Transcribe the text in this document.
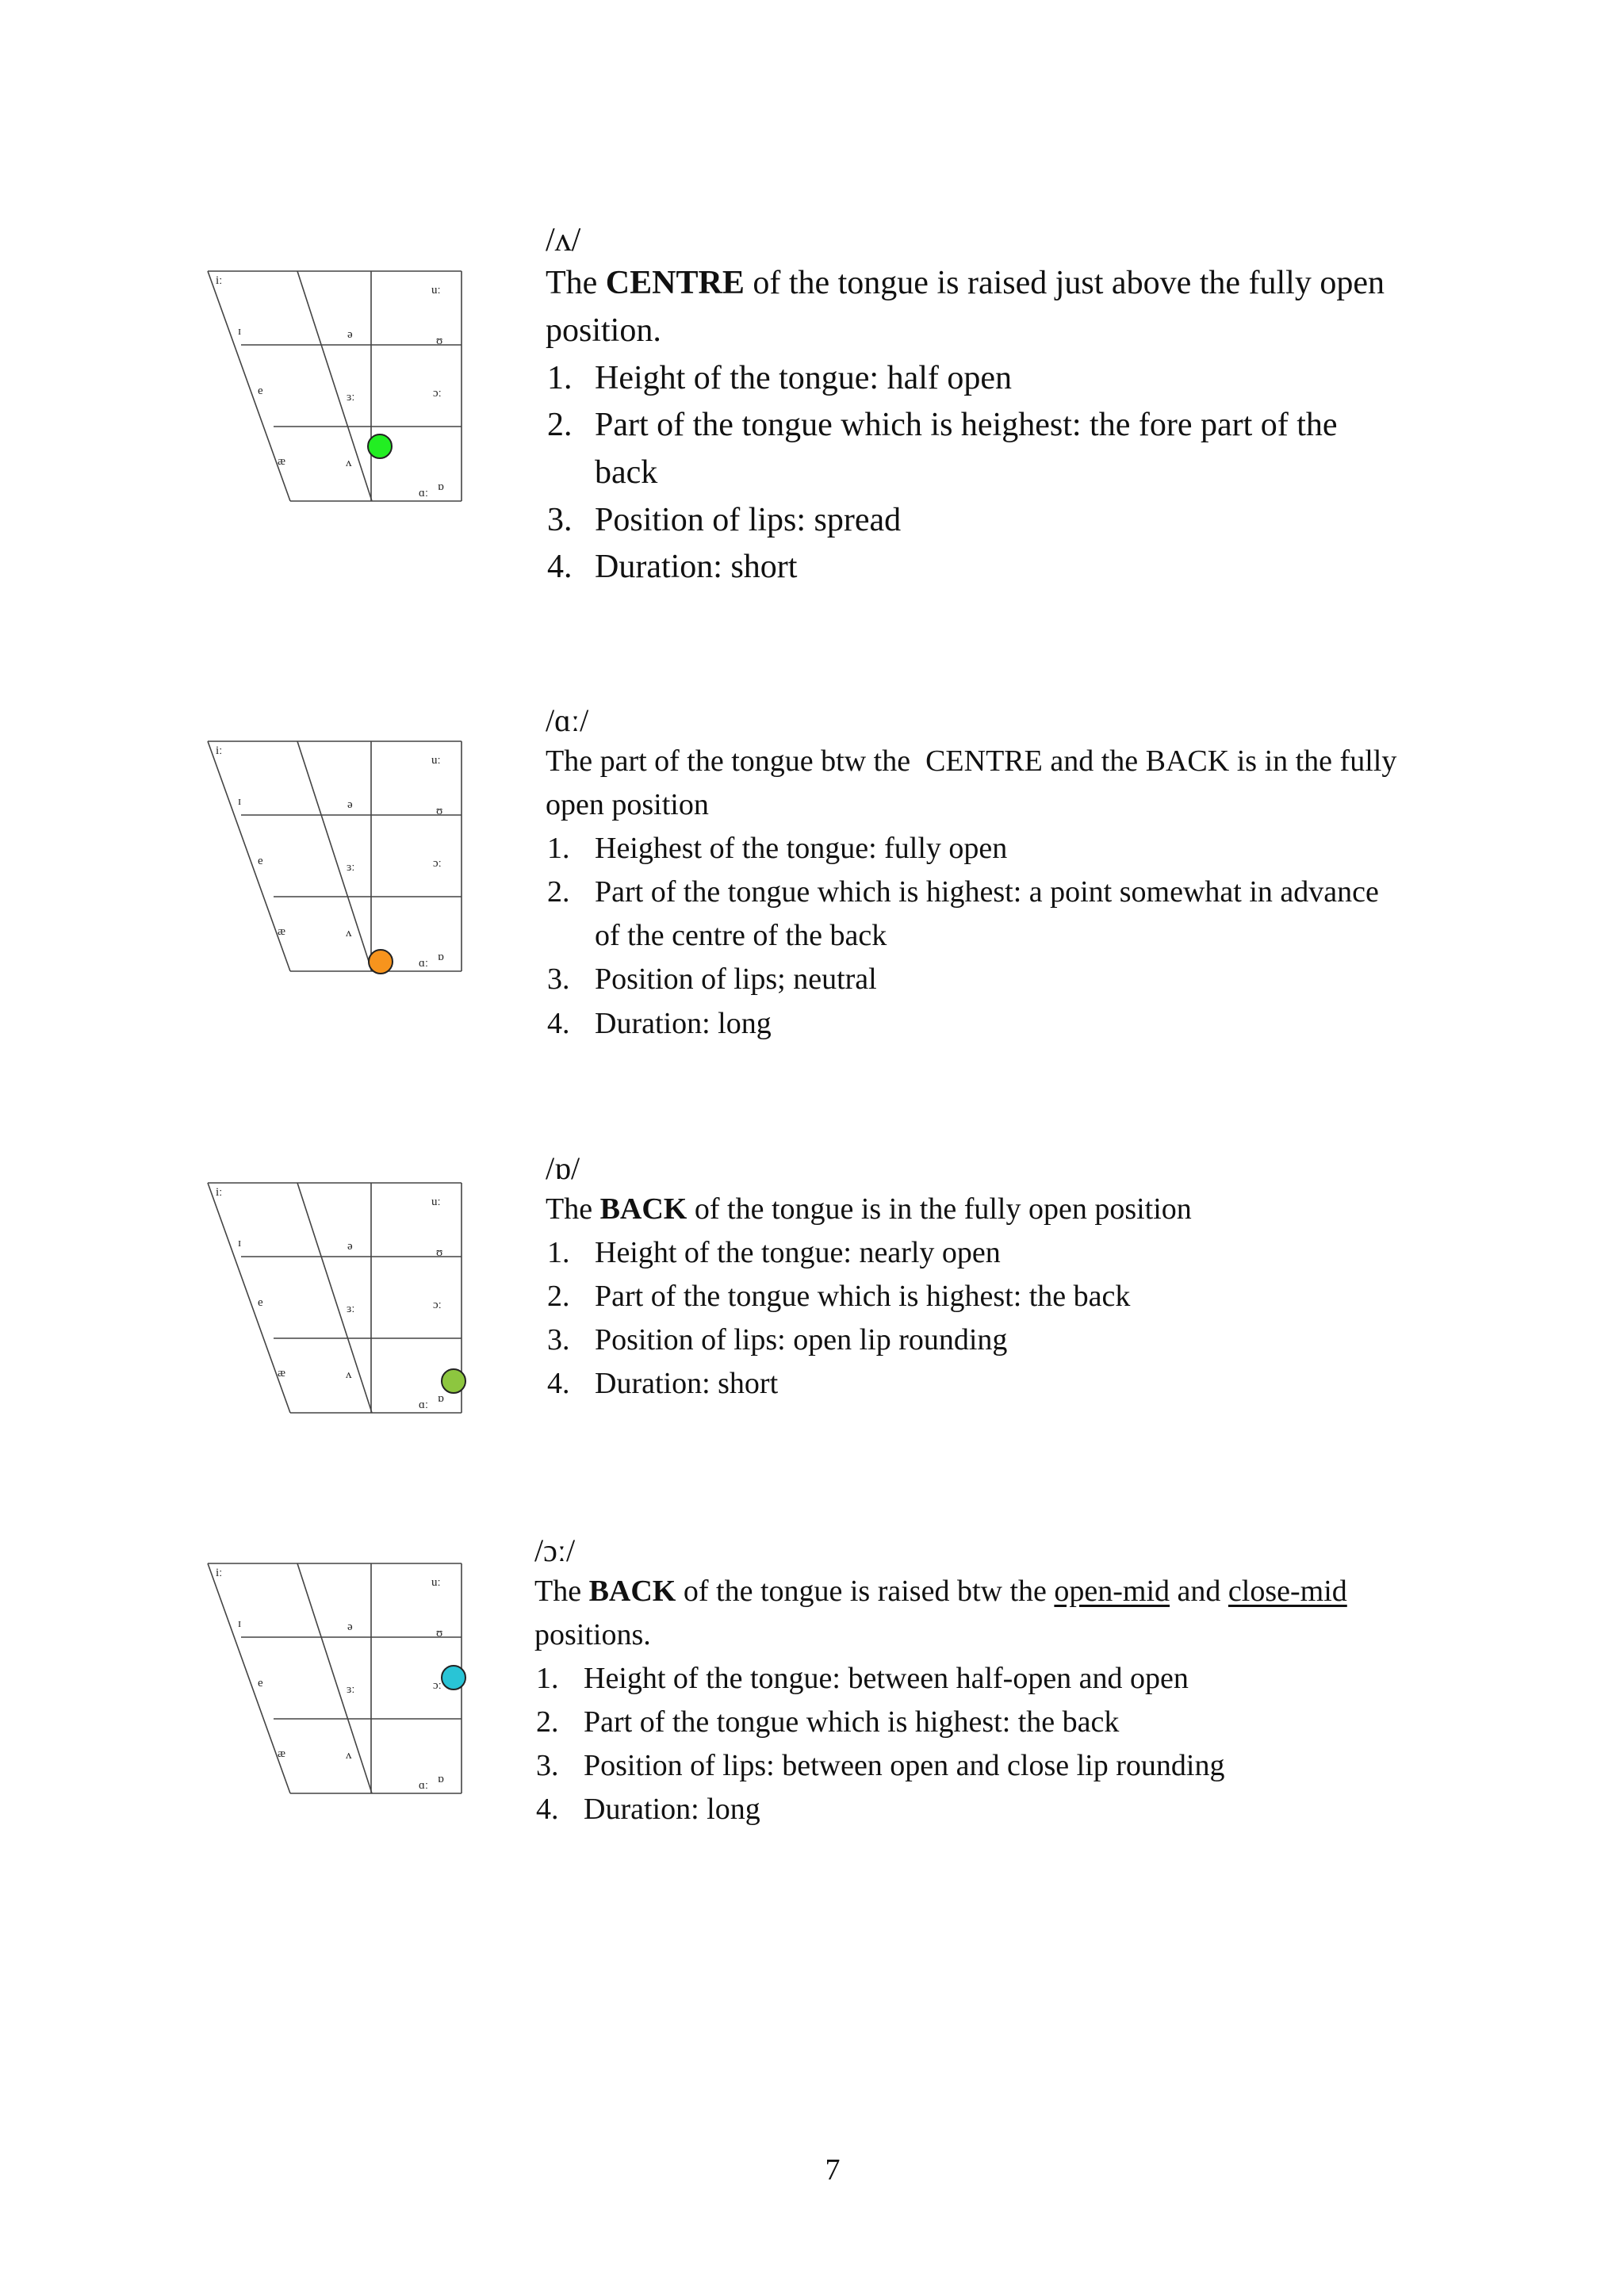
iː
uː
ɪ
ʊ
ə
e	ɜː	ɔː
æ	ʌ
ɑː ɒ
/ʌ/
The CENTRE of the tongue is raised just above the fully open position.
1. Height of the tongue: half open
2. Part of the tongue which is heighest: the fore part of the back
3. Position of lips: spread
4. Duration: short
iː
uː
ɪ
ʊ
ə
e	ɜː	ɔː
æ	ʌ
ɑː ɒ
/ɑː/
The part of the tongue btw the  CENTRE and the BACK is in the fully open position
1. Heighest of the tongue: fully open
2. Part of the tongue which is highest: a point somewhat in advance of the centre of the back
3. Position of lips; neutral
4. Duration: long
iː
uː
ɪ
ʊ
ə
e	ɜː	ɔː
æ	ʌ
ɑː ɒ
/ɒ/
The BACK of the tongue is in the fully open position
1. Height of the tongue: nearly open
2. Part of the tongue which is highest: the back
3. Position of lips: open lip rounding
4. Duration: short
iː
uː
ɪ
ʊ
ə
e	ɜː	ɔː
æ	ʌ
ɑː ɒ
/ɔː/
The BACK of the tongue is raised btw the open-mid and close-mid positions.
1. Height of the tongue: between half-open and open
2. Part of the tongue which is highest: the back
3. Position of lips: between open and close lip rounding
4. Duration: long
7
